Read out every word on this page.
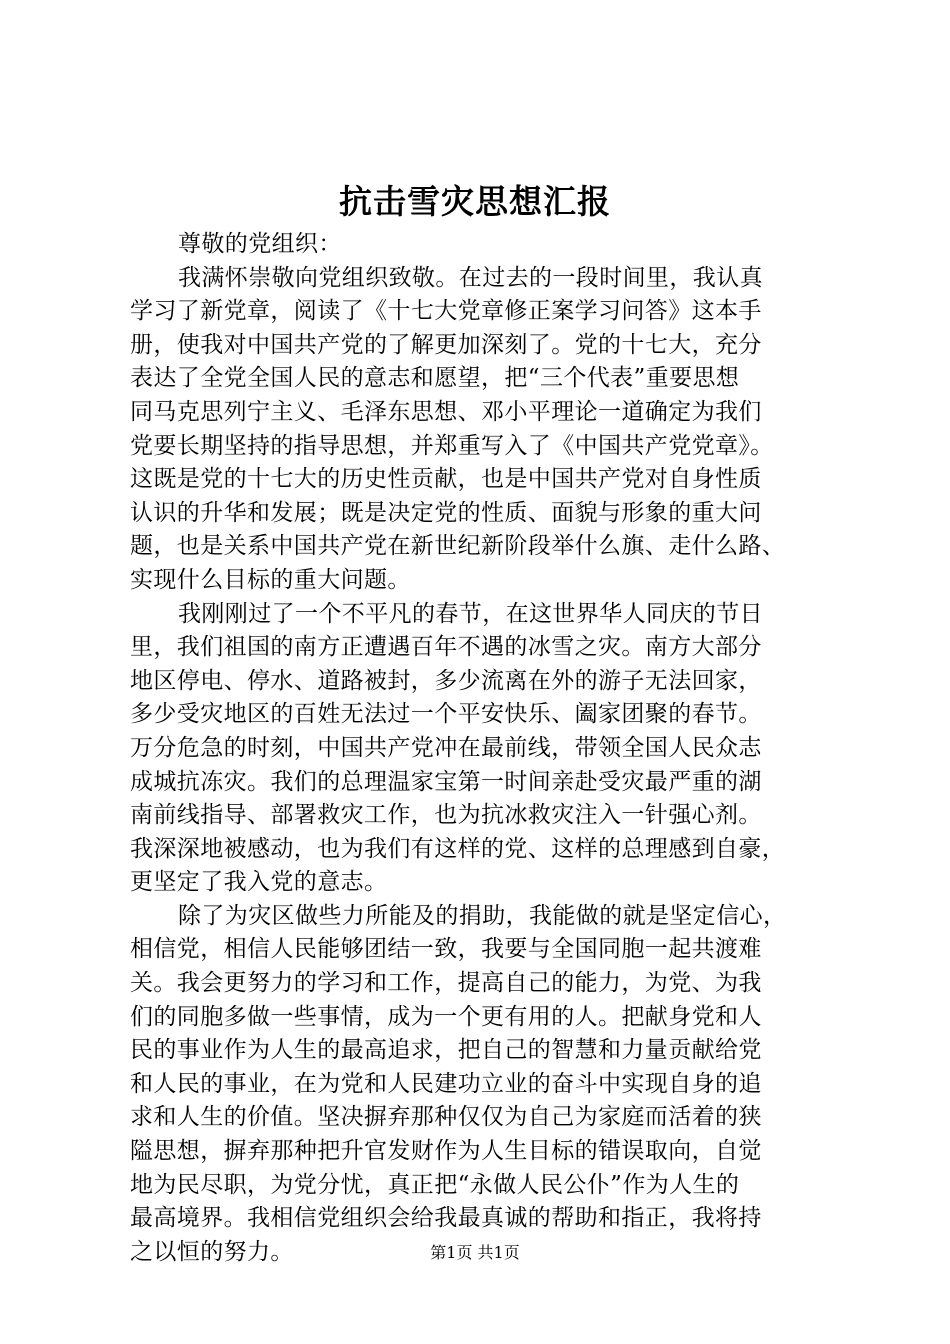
抗击雪灾思想汇报
尊敬的党组织：
我满怀崇敬向党组织致敬。在过去的一段时间里，我认真
学习了新党章，阅读了《十七大党章修正案学习问答》这本手
册，使我对中国共产党的了解更加深刻了。党的十七大，充分
表达了全党全国人民的意志和愿望，把“三个代表”重要思想
同马克思列宁主义、毛泽东思想、邓小平理论一道确定为我们
党要长期坚持的指导思想，并郑重写入了《中国共产党党章》。
这既是党的十七大的历史性贡献，也是中国共产党对自身性质
认识的升华和发展；既是决定党的性质、面貌与形象的重大问
题，也是关系中国共产党在新世纪新阶段举什么旗、走什么路、
实现什么目标的重大问题。
我刚刚过了一个不平凡的春节，在这世界华人同庆的节日
里，我们祖国的南方正遭遇百年不遇的冰雪之灾。南方大部分
地区停电、停水、道路被封，多少流离在外的游子无法回家，
多少受灾地区的百姓无法过一个平安快乐、阖家团聚的春节。
万分危急的时刻，中国共产党冲在最前线，带领全国人民众志
成城抗冻灾。我们的总理温家宝第一时间亲赴受灾最严重的湖
南前线指导、部署救灾工作，也为抗冰救灾注入一针强心剂。
我深深地被感动，也为我们有这样的党、这样的总理感到自豪，
更坚定了我入党的意志。
除了为灾区做些力所能及的捐助，我能做的就是坚定信心，
相信党，相信人民能够团结一致，我要与全国同胞一起共渡难
关。我会更努力的学习和工作，提高自己的能力，为党、为我
们的同胞多做一些事情，成为一个更有用的人。把献身党和人
民的事业作为人生的最高追求，把自己的智慧和力量贡献给党
和人民的事业，在为党和人民建功立业的奋斗中实现自身的追
求和人生的价值。坚决摒弃那种仅仅为自己为家庭而活着的狭
隘思想，摒弃那种把升官发财作为人生目标的错误取向，自觉
地为民尽职，为党分忧，真正把“永做人民公仆”作为人生的
最高境界。我相信党组织会给我最真诚的帮助和指正，我将持
之以恒的努力。	第1页 共1页
